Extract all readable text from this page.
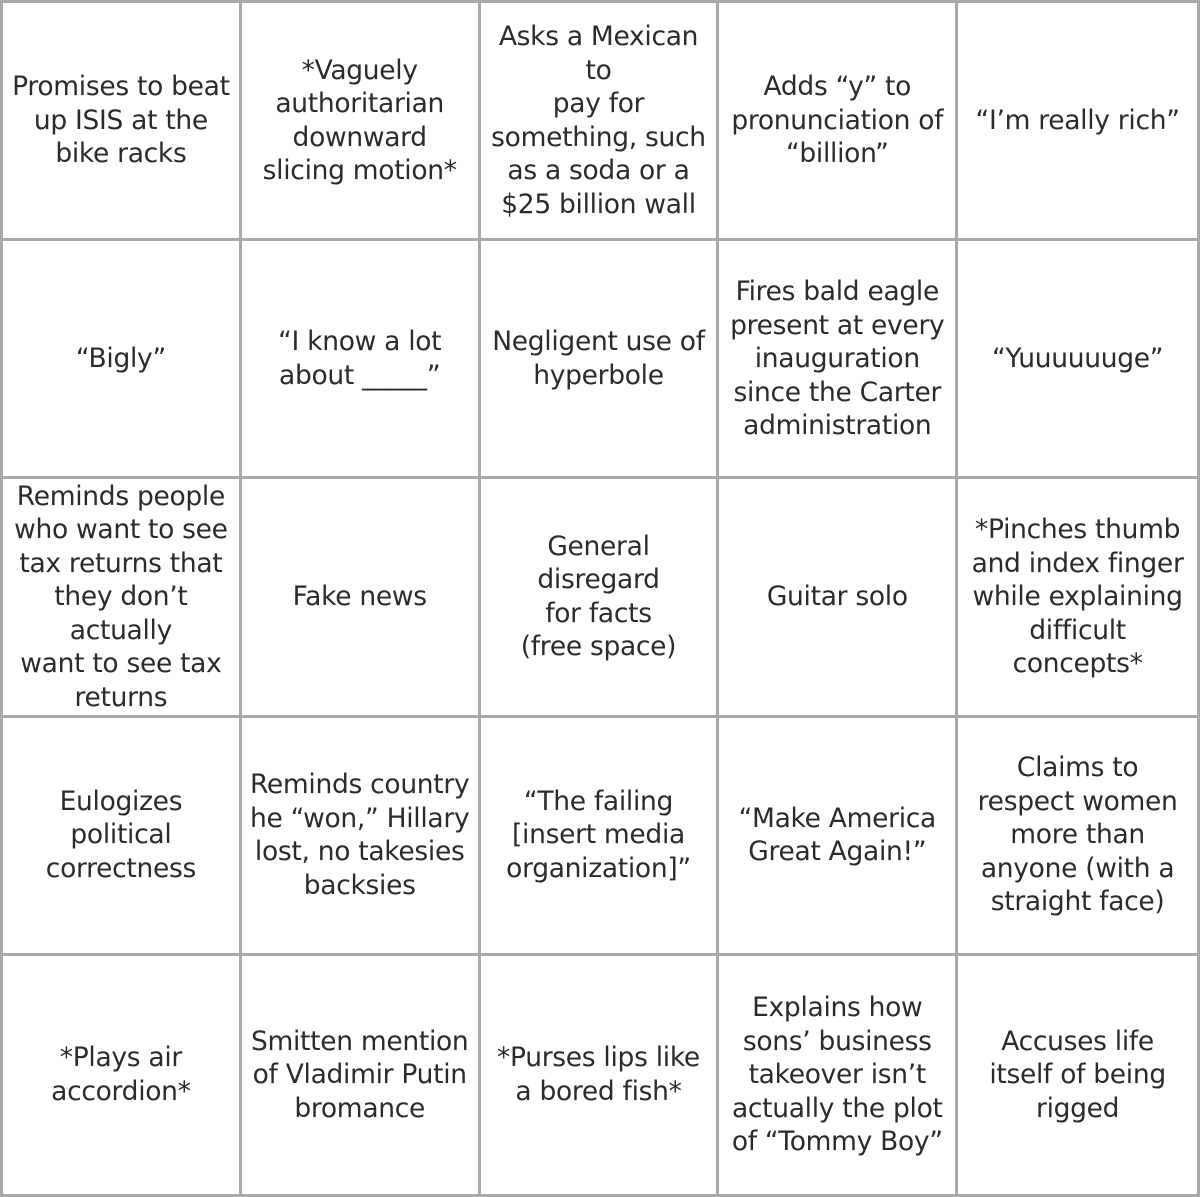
Promises to beat
up ISIS at the
bike racks
*Vaguely
authoritarian
downward
slicing motion*
Asks a Mexican to
pay for
something, such
as a soda or a
$25 billion wall
Adds “y” to
pronunciation of
“billion”
“I’m really rich”
“Bigly”
“I know a lot
about _____”
Negligent use of
hyperbole
Fires bald eagle
present at every
inauguration
since the Carter
administration
“Yuuuuuuge”
Reminds people
who want to see
tax returns that
they don’t actually
want to see tax
returns
Fake news
General
disregard
for facts
(free space)
Guitar solo
*Pinches thumb
and index finger
while explaining
difficult
concepts*
Eulogizes
political
correctness
Reminds country
he “won,” Hillary
lost, no takesies
backsies
“The failing
[insert media
organization]”
“Make America
Great Again!”
Claims to
respect women
more than
anyone (with a
straight face)
*Plays air
accordion*
Smitten mention
of Vladimir Putin
bromance
*Purses lips like
a bored fish*
Explains how
sons’ business
takeover isn’t
actually the plot
of “Tommy Boy”
Accuses life
itself of being
rigged
